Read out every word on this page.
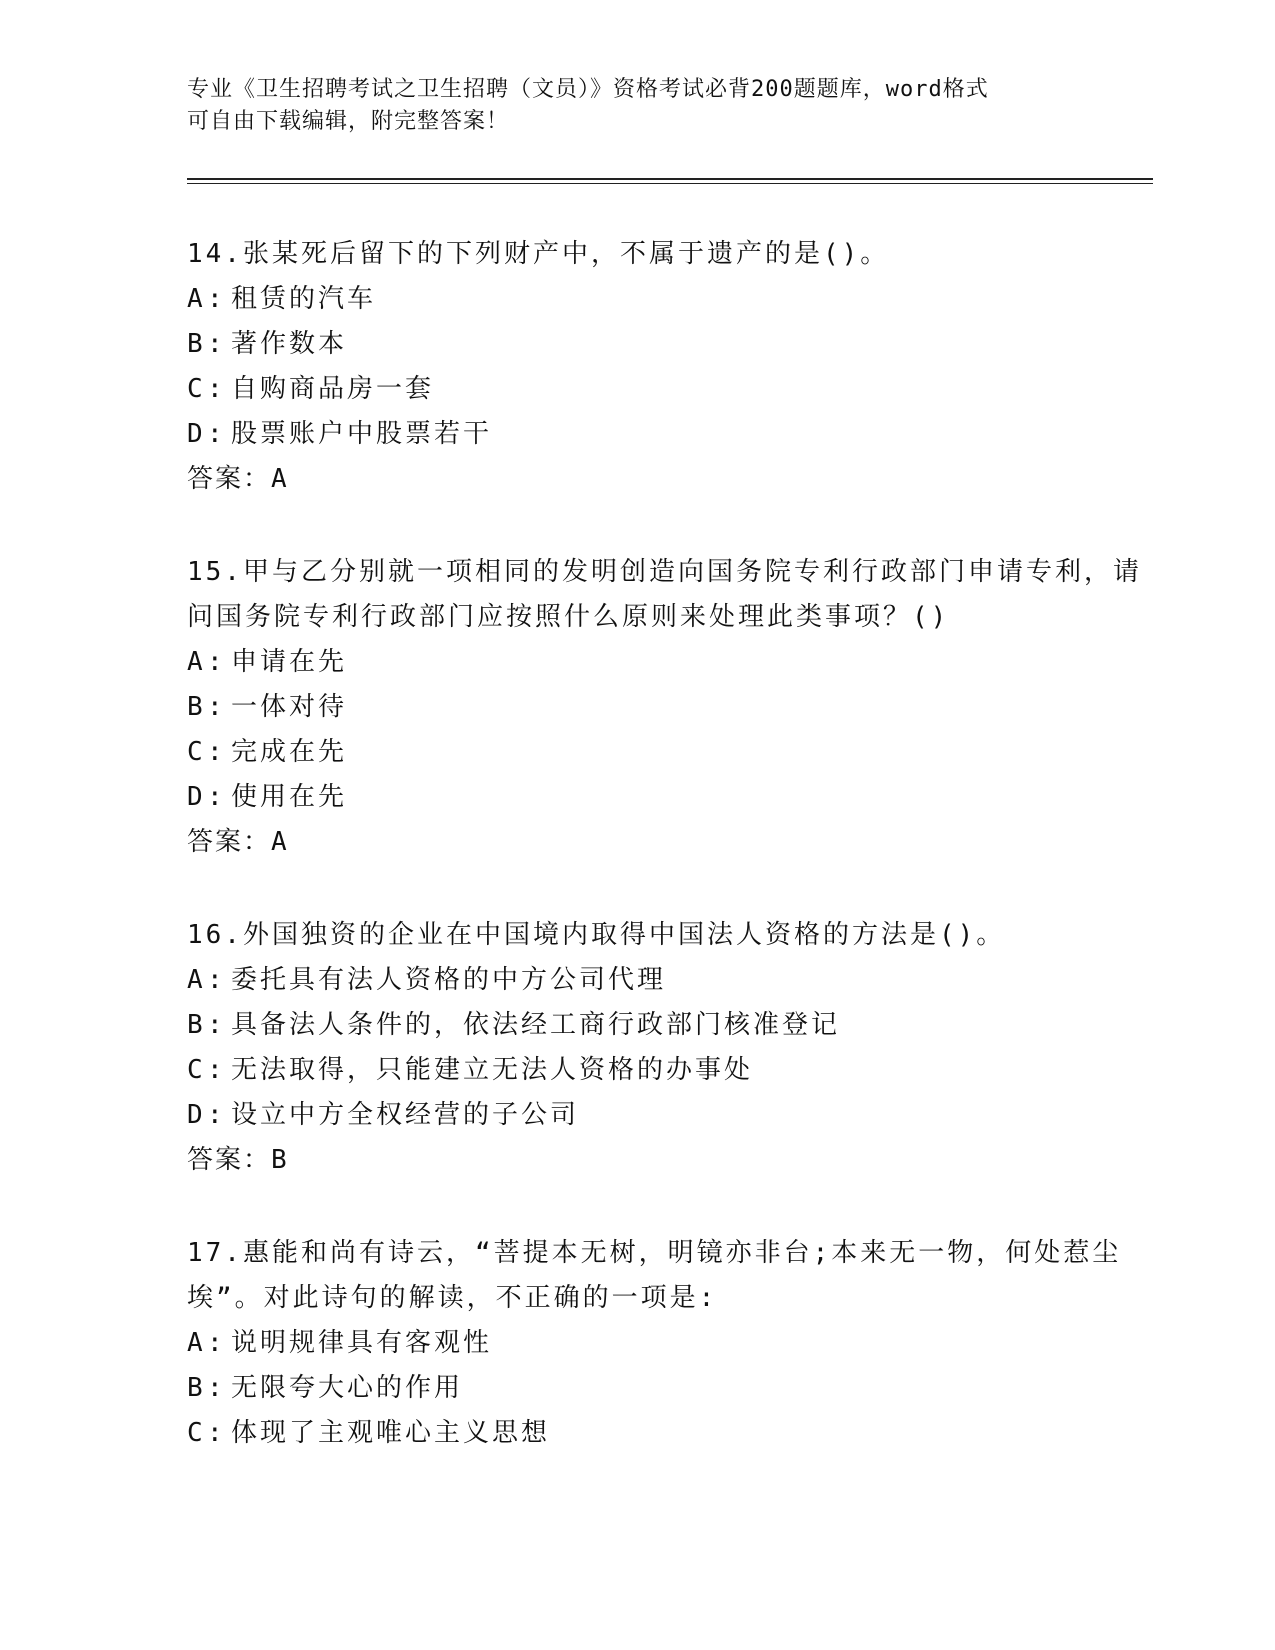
专业《卫生招聘考试之卫生招聘（文员）》资格考试必背200题题库，word格式
可自由下载编辑，附完整答案！
14.张某死后留下的下列财产中，不属于遗产的是()。
A: 租赁的汽车
B: 著作数本
C: 自购商品房一套
D: 股票账户中股票若干
答案：A
15.甲与乙分别就一项相同的发明创造向国务院专利行政部门申请专利，请问国务院专利行政部门应按照什么原则来处理此类事项？()
A: 申请在先
B: 一体对待
C: 完成在先
D: 使用在先
答案：A
16.外国独资的企业在中国境内取得中国法人资格的方法是()。
A: 委托具有法人资格的中方公司代理
B: 具备法人条件的，依法经工商行政部门核准登记
C: 无法取得，只能建立无法人资格的办事处
D: 设立中方全权经营的子公司
答案：B
17.惠能和尚有诗云，“菩提本无树，明镜亦非台;本来无一物，何处惹尘埃”。对此诗句的解读，不正确的一项是:
A: 说明规律具有客观性
B: 无限夸大心的作用
C: 体现了主观唯心主义思想
